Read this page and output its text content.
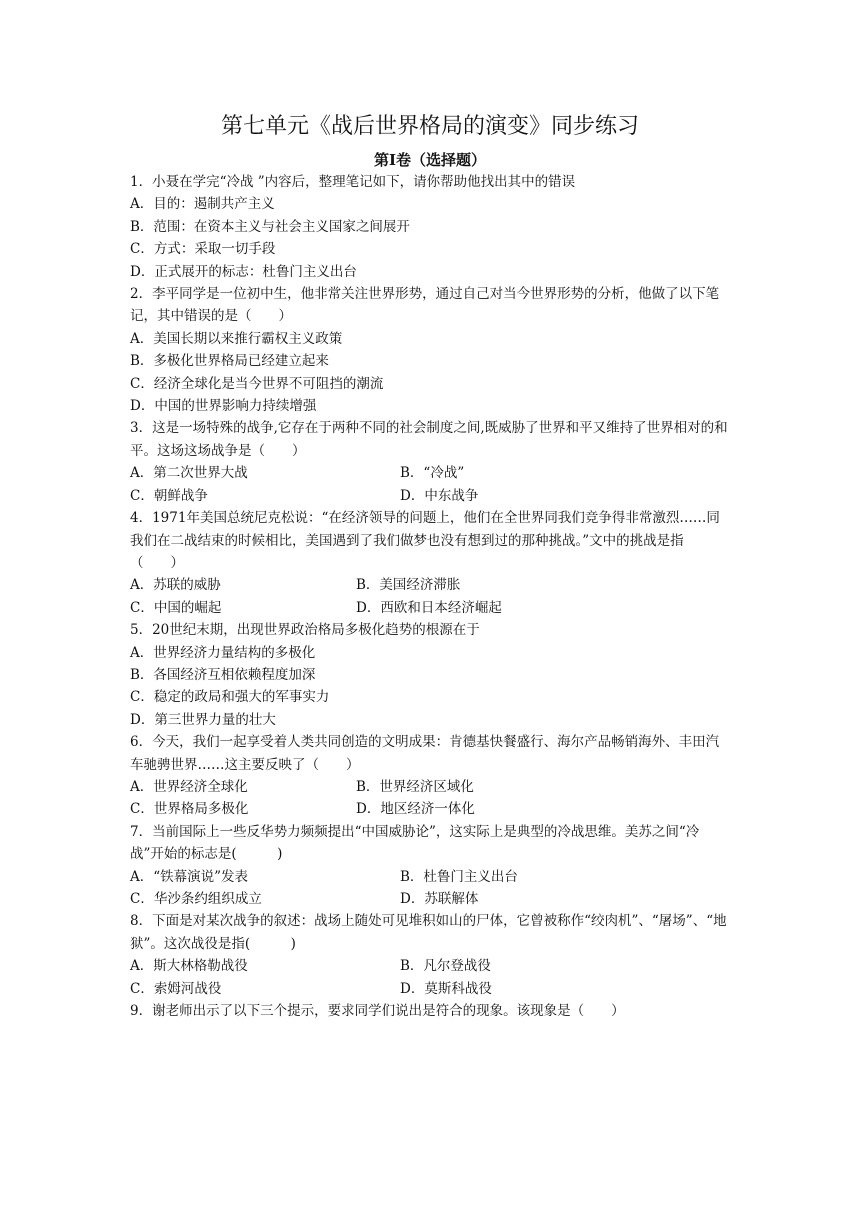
第七单元《战后世界格局的演变》同步练习
第Ⅰ卷（选择题）

1．小聂在学完“冷战 ”内容后，整理笔记如下，请你帮助他找出其中的错误

A．目的：遏制共产主义

B．范围：在资本主义与社会主义国家之间展开

C．方式：采取一切手段

D．正式展开的标志：杜鲁门主义出台

2．李平同学是一位初中生，他非常关注世界形势，通过自己对当今世界形势的分析，他做了以下笔记，其中错误的是（　　）

A．美国长期以来推行霸权主义政策

B．多极化世界格局已经建立起来

C．经济全球化是当今世界不可阻挡的潮流

D．中国的世界影响力持续增强

3．这是一场特殊的战争,它存在于两种不同的社会制度之间,既威胁了世界和平又维持了世界相对的和平。这场这场战争是（　　）

A．第二次世界大战	B．“冷战”
C．朝鲜战争	D．中东战争

4．1971年美国总统尼克松说：“在经济领导的问题上，他们在全世界同我们竞争得非常激烈……同我们在二战结束的时候相比，美国遇到了我们做梦也没有想到过的那种挑战。”文中的挑战是指（　　）

A．苏联的威胁	B．美国经济滞胀
C．中国的崛起	D．西欧和日本经济崛起

5．20世纪末期，出现世界政治格局多极化趋势的根源在于

A．世界经济力量结构的多极化

B．各国经济互相依赖程度加深

C．稳定的政局和强大的军事实力

D．第三世界力量的壮大

6．今天，我们一起享受着人类共同创造的文明成果：肯德基快餐盛行、海尔产品畅销海外、丰田汽车驰骋世界……这主要反映了（　　）

A．世界经济全球化	B．世界经济区域化
C．世界格局多极化	D．地区经济一体化

7．当前国际上一些反华势力频频提出“中国威胁论”，这实际上是典型的冷战思维。美苏之间“冷战”开始的标志是(　　　)

A．“铁幕演说”发表	B．杜鲁门主义出台
C．华沙条约组织成立	D．苏联解体

8．下面是对某次战争的叙述：战场上随处可见堆积如山的尸体，它曾被称作“绞肉机”、“屠场”、“地狱”。这次战役是指(　　　)

A．斯大林格勒战役	B．凡尔登战役
C．索姆河战役	D．莫斯科战役

9．谢老师出示了以下三个提示，要求同学们说出是符合的现象。该现象是（　　）
